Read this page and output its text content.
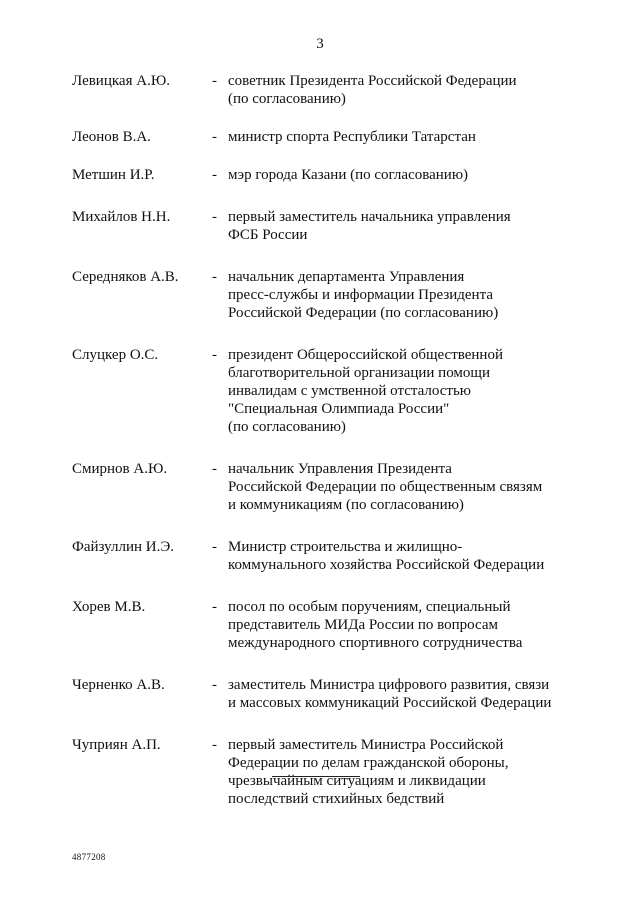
3
Левицкая А.Ю.	- советник Президента Российской Федерации
(по согласованию)
Леонов В.А.	- министр спорта Республики Татарстан
Метшин И.Р.	- мэр города Казани (по согласованию)
Михайлов Н.Н.	- первый заместитель начальника управления
ФСБ России
Середняков А.В.	- начальник департамента Управления
пресс-службы и информации Президента
Российской Федерации (по согласованию)
Слуцкер О.С.	- президент Общероссийской общественной
благотворительной организации помощи
инвалидам с умственной отсталостью
"Специальная Олимпиада России"
(по согласованию)
Смирнов А.Ю.	- начальник Управления Президента
Российской Федерации по общественным связям
и коммуникациям (по согласованию)
Файзуллин И.Э.	- Министр строительства и жилищно-
коммунального хозяйства Российской Федерации
Хорев М.В.	- посол по особым поручениям, специальный
представитель МИДа России по вопросам
международного спортивного сотрудничества
Черненко А.В.	- заместитель Министра цифрового развития, связи
и массовых коммуникаций Российской Федерации
Чуприян А.П.	- первый заместитель Министра Российской
Федерации по делам гражданской обороны,
чрезвычайным ситуациям и ликвидации
последствий стихийных бедствий
4877208
